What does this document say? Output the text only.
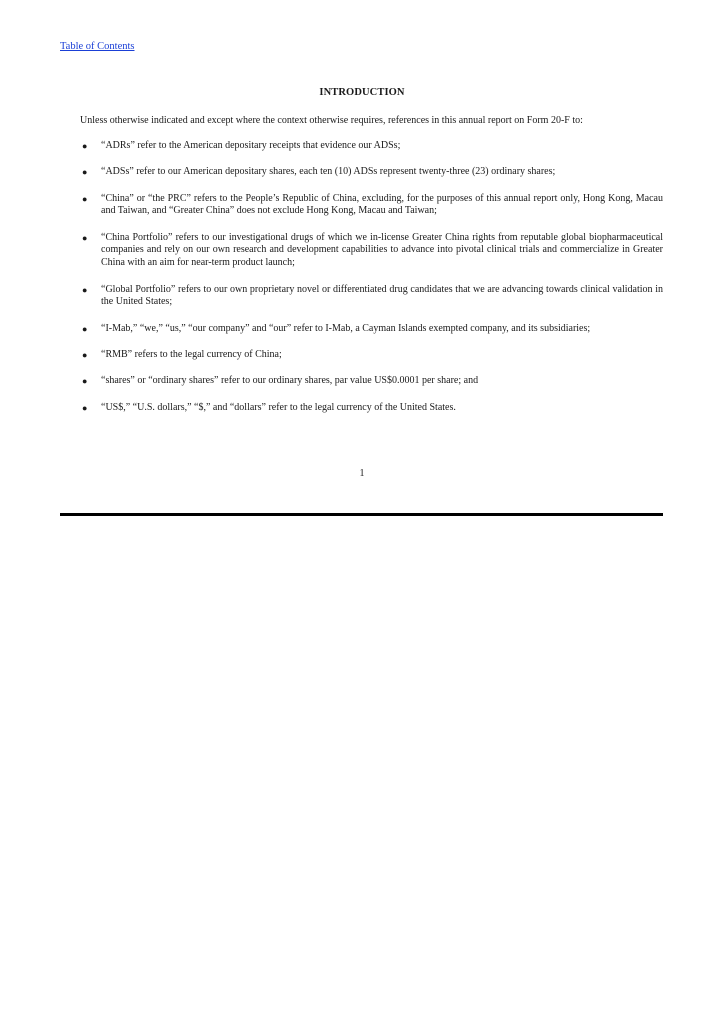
Table of Contents
INTRODUCTION
Unless otherwise indicated and except where the context otherwise requires, references in this annual report on Form 20-F to:
● “ADRs” refer to the American depositary receipts that evidence our ADSs;
● “ADSs” refer to our American depositary shares, each ten (10) ADSs represent twenty-three (23) ordinary shares;
● “China” or “the PRC” refers to the People’s Republic of China, excluding, for the purposes of this annual report only, Hong Kong, Macau and Taiwan, and “Greater China” does not exclude Hong Kong, Macau and Taiwan;
● “China Portfolio” refers to our investigational drugs of which we in-license Greater China rights from reputable global biopharmaceutical companies and rely on our own research and development capabilities to advance into pivotal clinical trials and commercialize in Greater China with an aim for near-term product launch;
● “Global Portfolio” refers to our own proprietary novel or differentiated drug candidates that we are advancing towards clinical validation in the United States;
● “I-Mab,” “we,” “us,” “our company” and “our” refer to I-Mab, a Cayman Islands exempted company, and its subsidiaries;
● “RMB” refers to the legal currency of China;
● “shares” or “ordinary shares” refer to our ordinary shares, par value US$0.0001 per share; and
● “US$,” “U.S. dollars,” “$,” and “dollars” refer to the legal currency of the United States.
1
